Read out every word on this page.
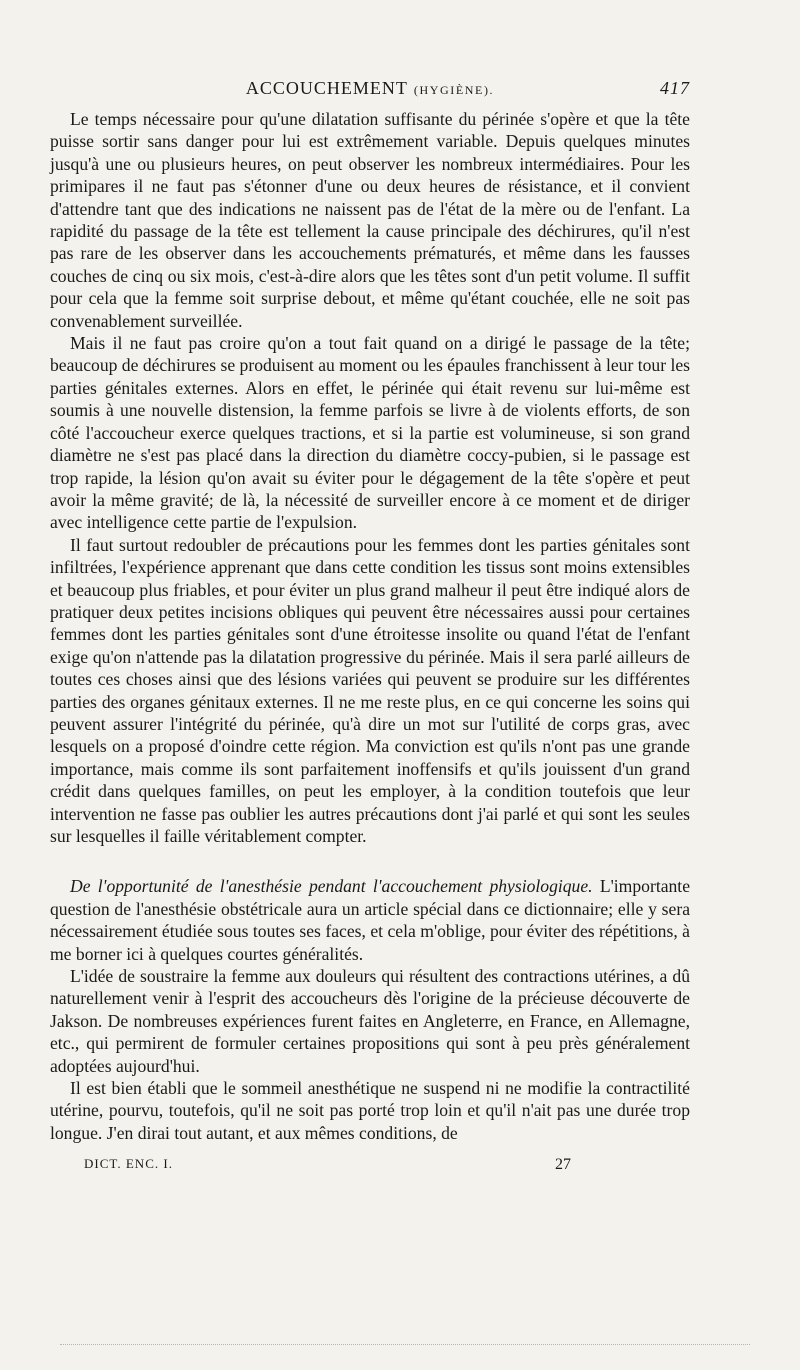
ACCOUCHEMENT (HYGIÈNE).	417

Le temps nécessaire pour qu'une dilatation suffisante du périnée s'opère et que la tête puisse sortir sans danger pour lui est extrêmement variable. Depuis quelques minutes jusqu'à une ou plusieurs heures, on peut observer les nombreux intermédiaires. Pour les primipares il ne faut pas s'étonner d'une ou deux heures de résistance, et il convient d'attendre tant que des indications ne naissent pas de l'état de la mère ou de l'enfant. La rapidité du passage de la tête est tellement la cause principale des déchirures, qu'il n'est pas rare de les observer dans les accouchements prématurés, et même dans les fausses couches de cinq ou six mois, c'est-à-dire alors que les têtes sont d'un petit volume. Il suffit pour cela que la femme soit surprise debout, et même qu'étant couchée, elle ne soit pas convenablement surveillée.

Mais il ne faut pas croire qu'on a tout fait quand on a dirigé le passage de la tête; beaucoup de déchirures se produisent au moment ou les épaules franchissent à leur tour les parties génitales externes. Alors en effet, le périnée qui était revenu sur lui-même est soumis à une nouvelle distension, la femme parfois se livre à de violents efforts, de son côté l'accoucheur exerce quelques tractions, et si la partie est volumineuse, si son grand diamètre ne s'est pas placé dans la direction du diamètre coccy-pubien, si le passage est trop rapide, la lésion qu'on avait su éviter pour le dégagement de la tête s'opère et peut avoir la même gravité; de là, la nécessité de surveiller encore à ce moment et de diriger avec intelligence cette partie de l'expulsion.

Il faut surtout redoubler de précautions pour les femmes dont les parties génitales sont infiltrées, l'expérience apprenant que dans cette condition les tissus sont moins extensibles et beaucoup plus friables, et pour éviter un plus grand malheur il peut être indiqué alors de pratiquer deux petites incisions obliques qui peuvent être nécessaires aussi pour certaines femmes dont les parties génitales sont d'une étroitesse insolite ou quand l'état de l'enfant exige qu'on n'attende pas la dilatation progressive du périnée. Mais il sera parlé ailleurs de toutes ces choses ainsi que des lésions variées qui peuvent se produire sur les différentes parties des organes génitaux externes. Il ne me reste plus, en ce qui concerne les soins qui peuvent assurer l'intégrité du périnée, qu'à dire un mot sur l'utilité de corps gras, avec lesquels on a proposé d'oindre cette région. Ma conviction est qu'ils n'ont pas une grande importance, mais comme ils sont parfaitement inoffensifs et qu'ils jouissent d'un grand crédit dans quelques familles, on peut les employer, à la condition toutefois que leur intervention ne fasse pas oublier les autres précautions dont j'ai parlé et qui sont les seules sur lesquelles il faille véritablement compter.

De l'opportunité de l'anesthésie pendant l'accouchement physiologique. L'importante question de l'anesthésie obstétricale aura un article spécial dans ce dictionnaire; elle y sera nécessairement étudiée sous toutes ses faces, et cela m'oblige, pour éviter des répétitions, à me borner ici à quelques courtes généralités.

L'idée de soustraire la femme aux douleurs qui résultent des contractions utérines, a dû naturellement venir à l'esprit des accoucheurs dès l'origine de la précieuse découverte de Jakson. De nombreuses expériences furent faites en Angleterre, en France, en Allemagne, etc., qui permirent de formuler certaines propositions qui sont à peu près généralement adoptées aujourd'hui.

Il est bien établi que le sommeil anesthétique ne suspend ni ne modifie la contractilité utérine, pourvu, toutefois, qu'il ne soit pas porté trop loin et qu'il n'ait pas une durée trop longue. J'en dirai tout autant, et aux mêmes conditions, de

DICT. ENC. I.	27
